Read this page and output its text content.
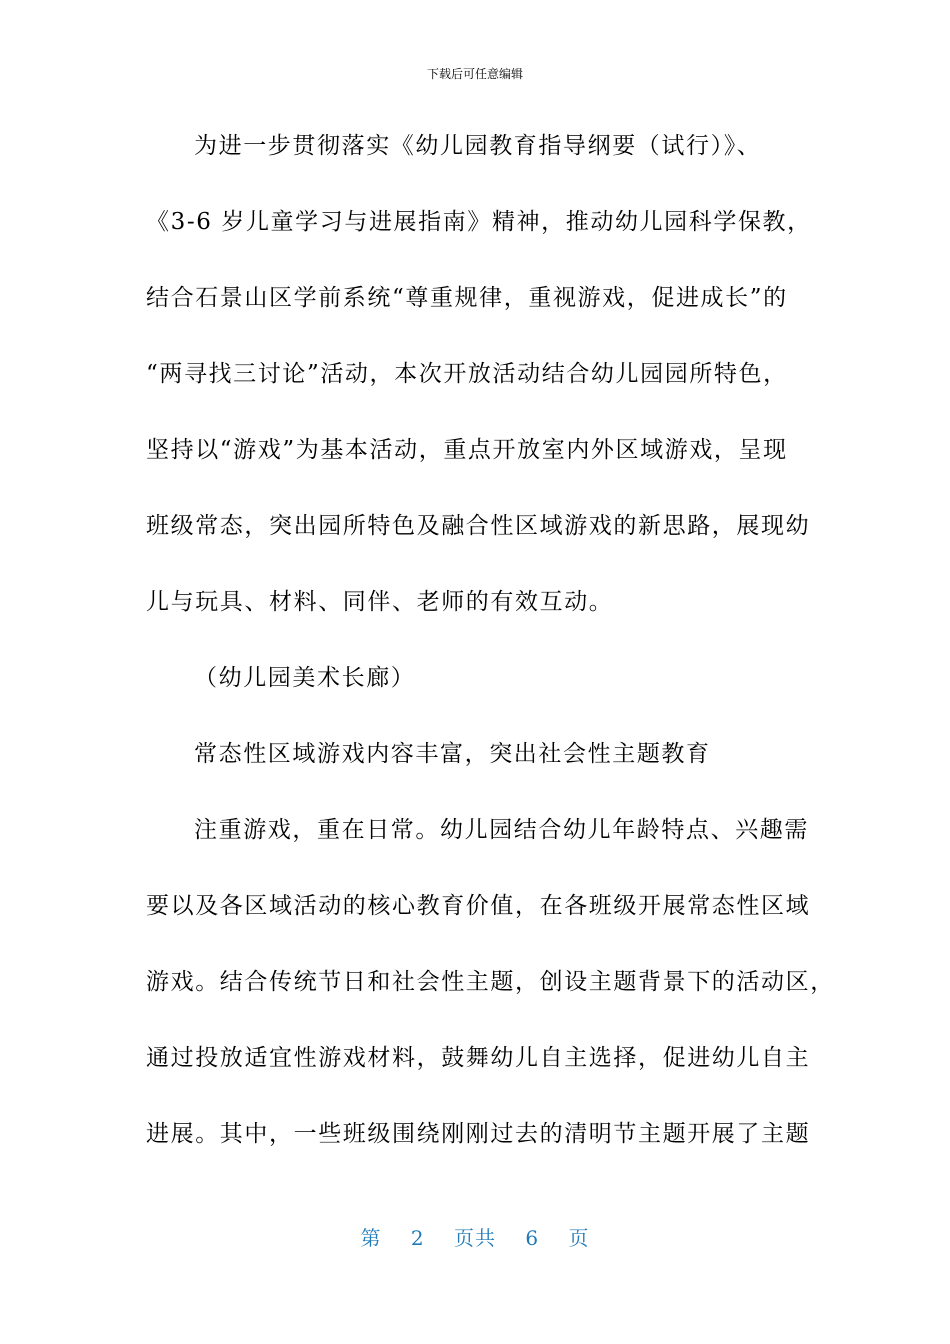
下载后可任意编辑
为进一步贯彻落实《幼儿园教育指导纲要（试行）》、
《3-6 岁儿童学习与进展指南》精神，推动幼儿园科学保教，
结合石景山区学前系统“尊重规律，重视游戏，促进成长”的
“两寻找三讨论”活动，本次开放活动结合幼儿园园所特色，
坚持以“游戏”为基本活动，重点开放室内外区域游戏，呈现
班级常态，突出园所特色及融合性区域游戏的新思路，展现幼
儿与玩具、材料、同伴、老师的有效互动。
（幼儿园美术长廊）
常态性区域游戏内容丰富，突出社会性主题教育
注重游戏，重在日常。幼儿园结合幼儿年龄特点、兴趣需
要以及各区域活动的核心教育价值，在各班级开展常态性区域
游戏。结合传统节日和社会性主题，创设主题背景下的活动区，
通过投放适宜性游戏材料，鼓舞幼儿自主选择，促进幼儿自主
进展。其中，一些班级围绕刚刚过去的清明节主题开展了主题
第 2 页共 6 页
